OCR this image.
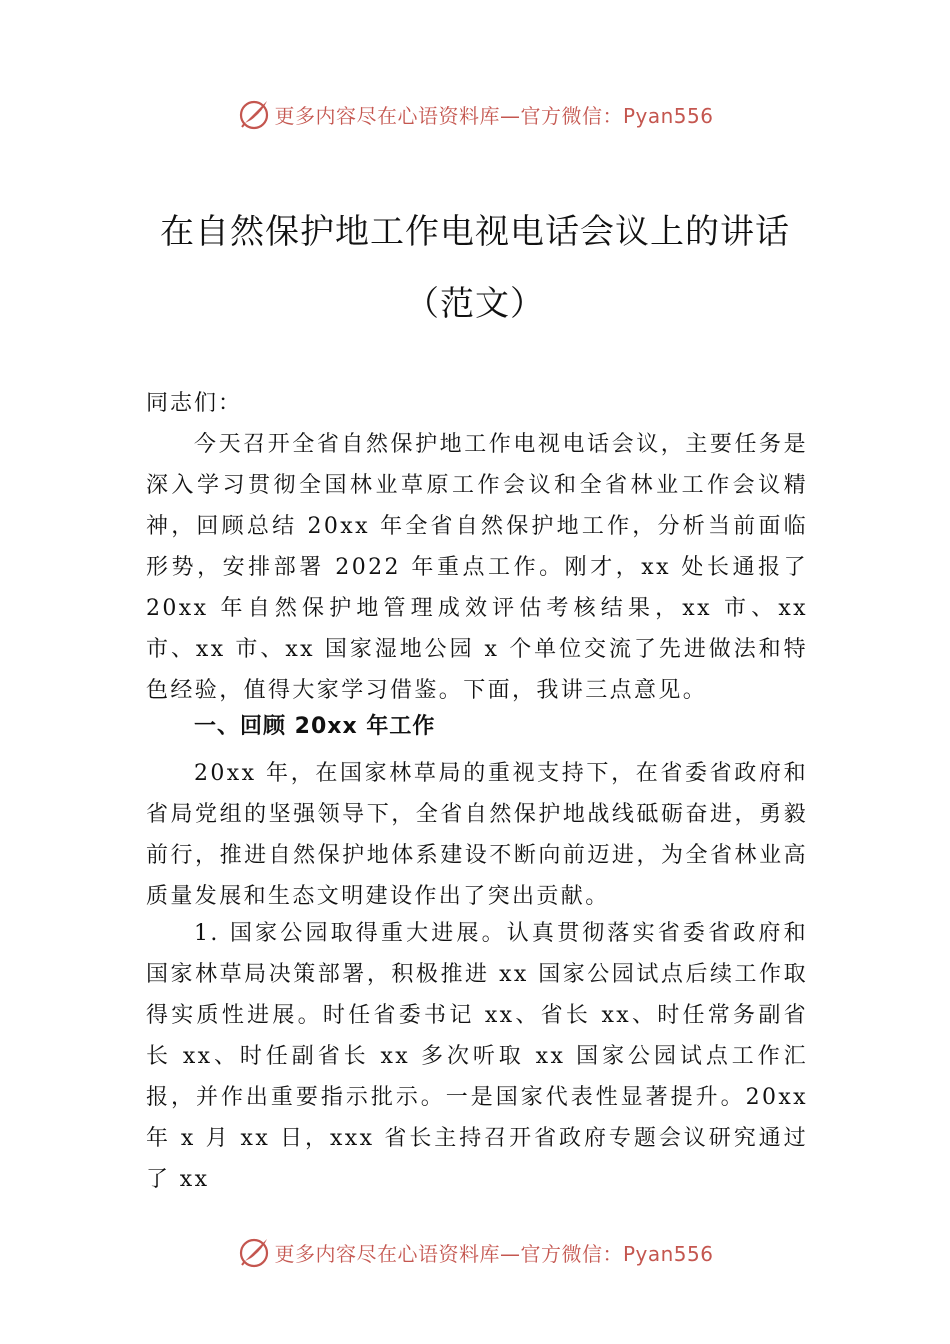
更多内容尽在心语资料库—官方微信：Pyan556
在自然保护地工作电视电话会议上的讲话
（范文）
同志们：

今天召开全省自然保护地工作电视电话会议，主要任务是深入学习贯彻全国林业草原工作会议和全省林业工作会议精神，回顾总结 20xx 年全省自然保护地工作，分析当前面临形势，安排部署 2022 年重点工作。刚才，xx 处长通报了 20xx 年自然保护地管理成效评估考核结果，xx 市、xx 市、xx 市、xx 国家湿地公园 x 个单位交流了先进做法和特色经验，值得大家学习借鉴。下面，我讲三点意见。

一、回顾 20xx 年工作

20xx 年，在国家林草局的重视支持下，在省委省政府和省局党组的坚强领导下，全省自然保护地战线砥砺奋进，勇毅前行，推进自然保护地体系建设不断向前迈进，为全省林业高质量发展和生态文明建设作出了突出贡献。

1. 国家公园取得重大进展。认真贯彻落实省委省政府和国家林草局决策部署，积极推进 xx 国家公园试点后续工作取得实质性进展。时任省委书记 xx、省长 xx、时任常务副省长 xx、时任副省长 xx 多次听取 xx 国家公园试点工作汇报，并作出重要指示批示。一是国家代表性显著提升。20xx 年 x 月 xx 日，xxx 省长主持召开省政府专题会议研究通过了 xx

更多内容尽在心语资料库—官方微信：Pyan556
